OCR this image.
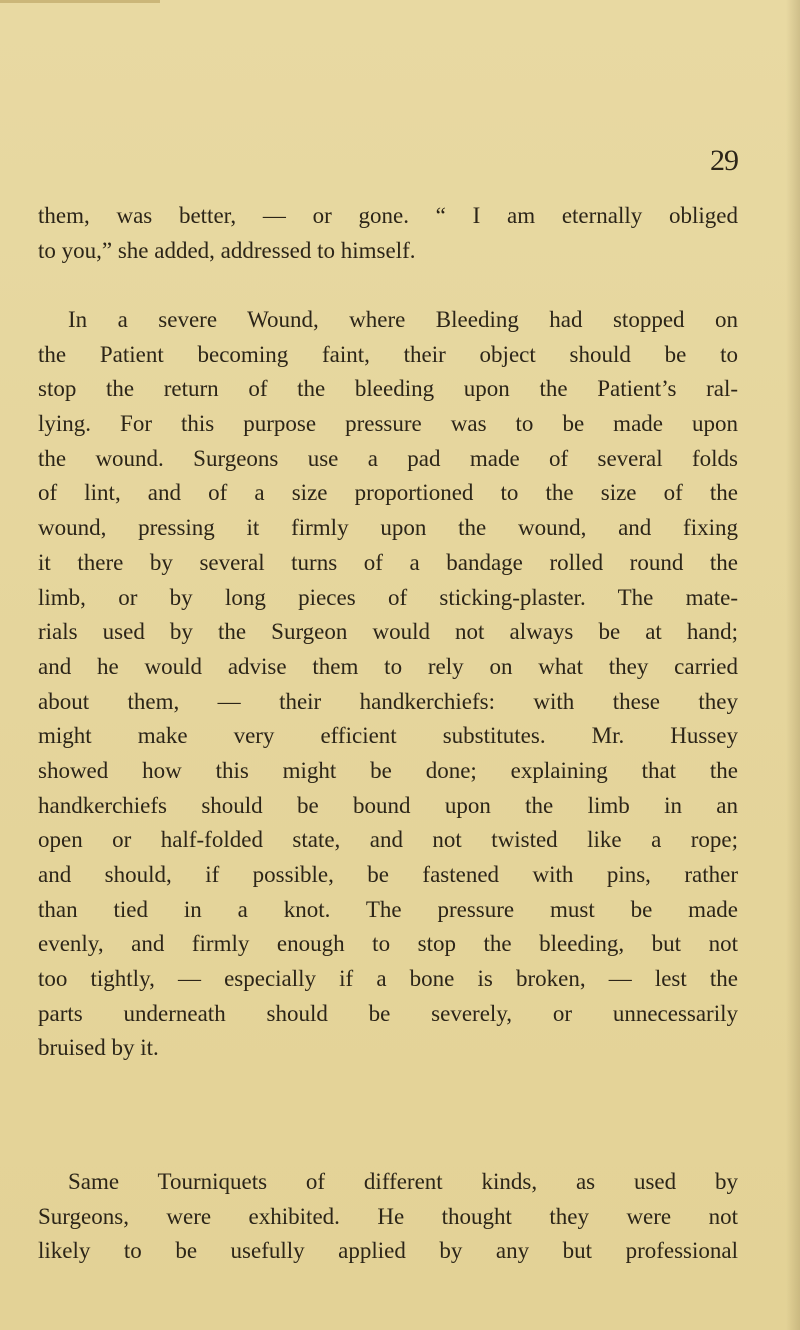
29
them, was better, — or gone. “ I am eternally obliged
to you,” she added, addressed to himself.
In a severe Wound, where Bleeding had stopped on
the Patient becoming faint, their object should be to
stop the return of the bleeding upon the Patient’s ral-
lying. For this purpose pressure was to be made upon
the wound. Surgeons use a pad made of several folds
of lint, and of a size proportioned to the size of the
wound, pressing it firmly upon the wound, and fixing
it there by several turns of a bandage rolled round the
limb, or by long pieces of sticking-plaster. The mate-
rials used by the Surgeon would not always be at hand;
and he would advise them to rely on what they carried
about them, — their handkerchiefs: with these they
might make very efficient substitutes. Mr. Hussey
showed how this might be done; explaining that the
handkerchiefs should be bound upon the limb in an
open or half-folded state, and not twisted like a rope;
and should, if possible, be fastened with pins, rather
than tied in a knot. The pressure must be made
evenly, and firmly enough to stop the bleeding, but not
too tightly, — especially if a bone is broken, — lest the
parts underneath should be severely, or unnecessarily
bruised by it.
Same Tourniquets of different kinds, as used by
Surgeons, were exhibited. He thought they were not
likely to be usefully applied by any but professional
